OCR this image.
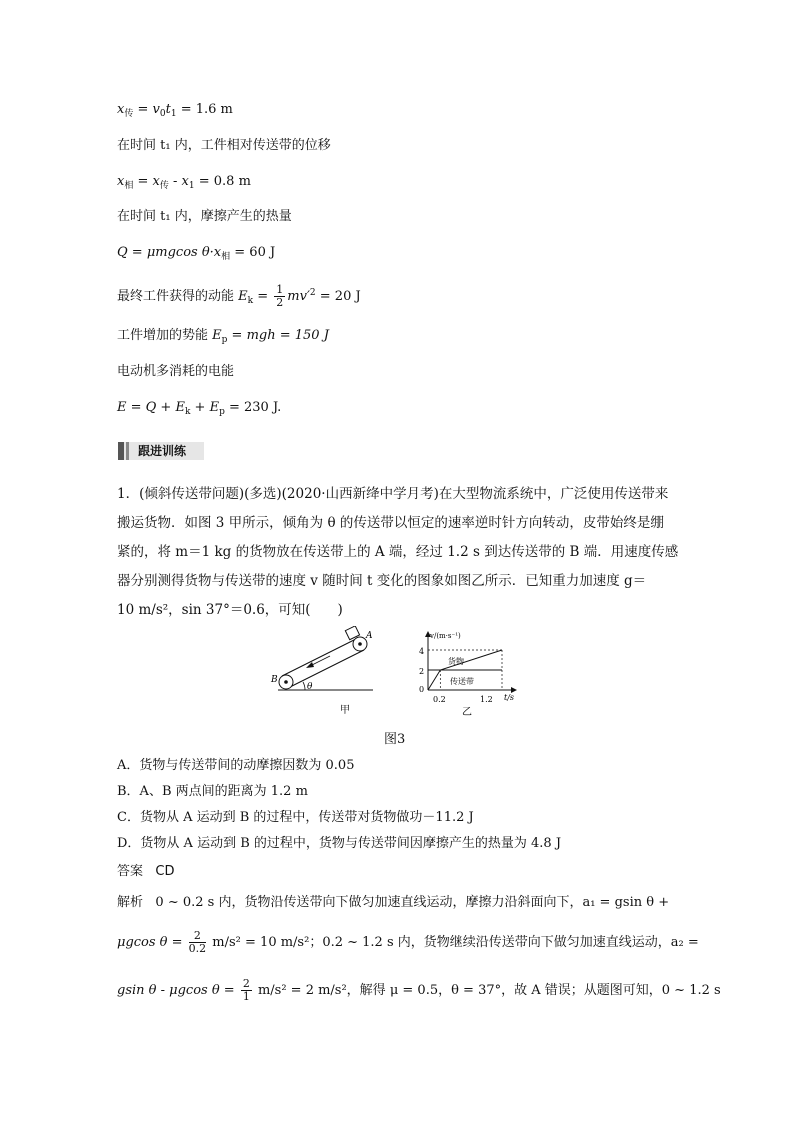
$x_传 = v_0t_1 = 1.6$ m
在时间 t₁ 内，工件相对传送带的位移
$x_相 = x_传 - x_1 = 0.8$ m
在时间 t₁ 内，摩擦产生的热量
Q = μmgcos $\theta\cdot x_相 = 60$ J
最终工件获得的动能 $E_k = \frac{1}{2} mv'^2 = 20$ J
工件增加的势能 $E_p$ = mgh = 150 J
电动机多消耗的电能
$E = Q + E_k + E_p = 230$ J.
跟进训练
1．(倾斜传送带问题)(多选)(2020·山西新绛中学月考)在大型物流系统中，广泛使用传送带来
搬运货物．如图 3 甲所示，倾角为 θ 的传送带以恒定的速率逆时针方向转动，皮带始终是绷
紧的，将 m＝1 kg 的货物放在传送带上的 A 端，经过 1.2 s 到达传送带的 B 端．用速度传感
器分别测得货物与传送带的速度 v 随时间 t 变化的图象如图乙所示．已知重力加速度 g＝
10 m/s²，sin 37°＝0.6，可知(　　)
θ
A
B
甲
v/(m·s⁻¹)
t/s
4
2
0
0.2	1.2
货物
传送带
乙
图3
A．货物与传送带间的动摩擦因数为 0.05
B．A、B 两点间的距离为 1.2 m
C．货物从 A 运动到 B 的过程中，传送带对货物做功－11.2 J
D．货物从 A 运动到 B 的过程中，货物与传送带间因摩擦产生的热量为 4.8 J
答案 CD
解析 0 ~ 0.2 s 内，货物沿传送带向下做匀加速直线运动，摩擦力沿斜面向下，a₁ = gsin θ +
μgcos $\theta = \frac{2}{0.2} m/s^2 = 10$ m/s²；0.2 ~ 1.2 s 内，货物继续沿传送带向下做匀加速直线运动，a₂ =
gsin θ - μgcos $\theta = \frac{2}{1} m/s^2 = 2$ m/s²，解得 μ = 0.5，θ = 37°，故 A 错误；从题图可知，0 ~ 1.2 s
